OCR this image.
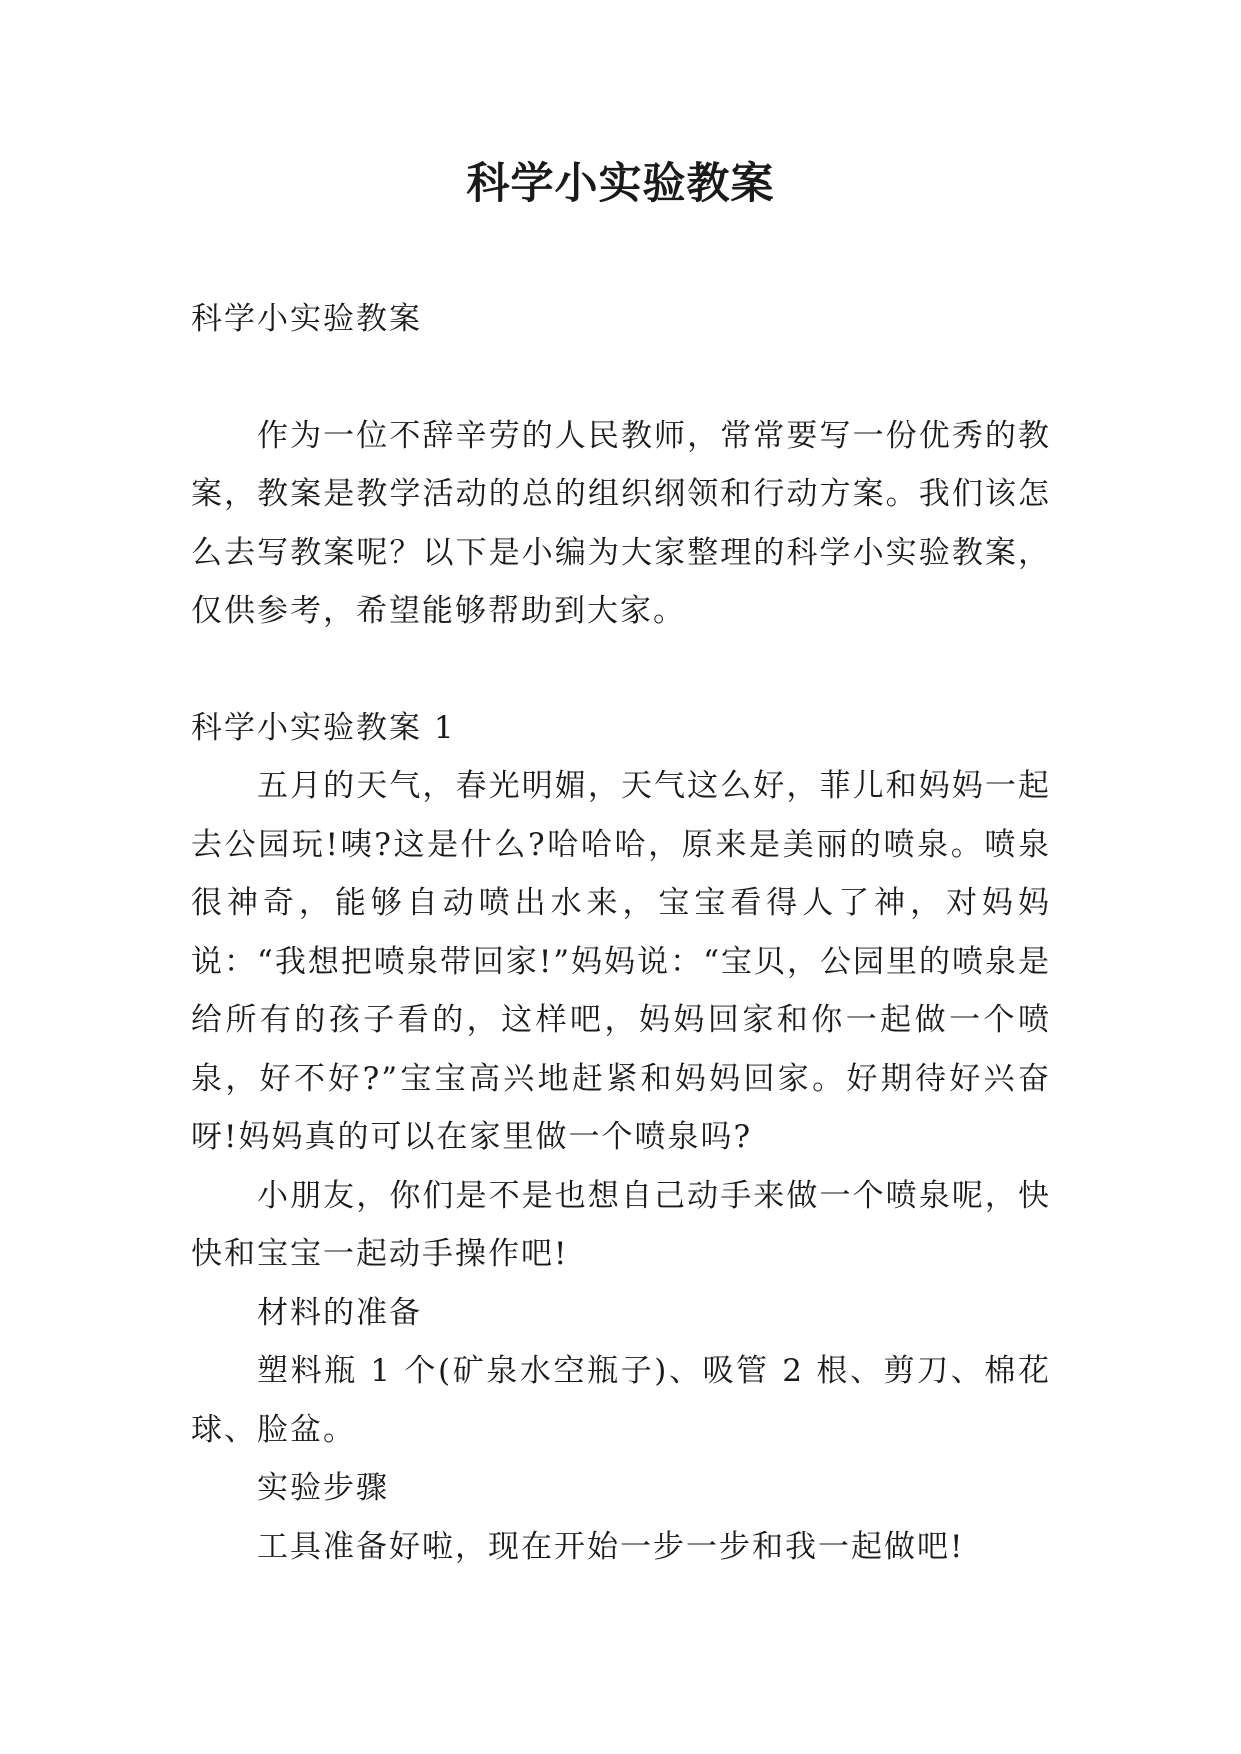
科学小实验教案

科学小实验教案

作为一位不辞辛劳的人民教师，常常要写一份优秀的教案，教案是教学活动的总的组织纲领和行动方案。我们该怎么去写教案呢？以下是小编为大家整理的科学小实验教案，仅供参考，希望能够帮助到大家。

科学小实验教案 1

五月的天气，春光明媚，天气这么好，菲儿和妈妈一起去公园玩!咦?这是什么?哈哈哈，原来是美丽的喷泉。喷泉很神奇，能够自动喷出水来，宝宝看得人了神，对妈妈说：“我想把喷泉带回家!”妈妈说：“宝贝，公园里的喷泉是给所有的孩子看的，这样吧，妈妈回家和你一起做一个喷泉，好不好?”宝宝高兴地赶紧和妈妈回家。好期待好兴奋呀!妈妈真的可以在家里做一个喷泉吗?

小朋友，你们是不是也想自己动手来做一个喷泉呢，快快和宝宝一起动手操作吧!

材料的准备

塑料瓶 1 个(矿泉水空瓶子)、吸管 2 根、剪刀、棉花球、脸盆。

实验步骤

工具准备好啦，现在开始一步一步和我一起做吧!
